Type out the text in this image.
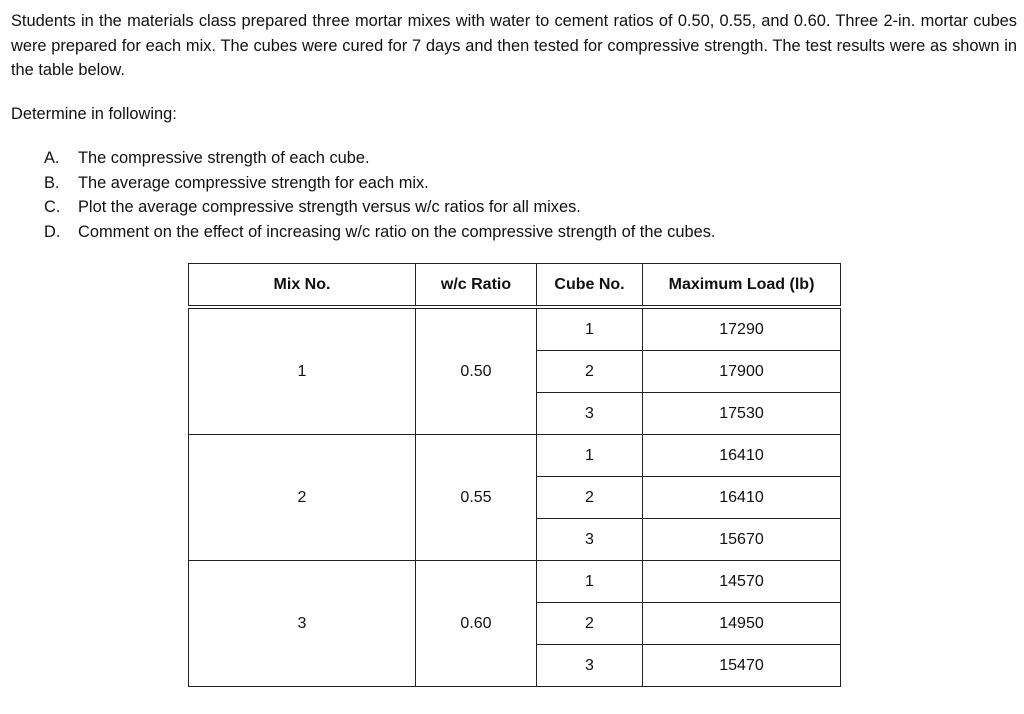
Students in the materials class prepared three mortar mixes with water to cement ratios of 0.50, 0.55, and 0.60. Three 2-in. mortar cubes were prepared for each mix. The cubes were cured for 7 days and then tested for compressive strength. The test results were as shown in the table below.

Determine in following:

A.	The compressive strength of each cube.
B.	The average compressive strength for each mix.
C.	Plot the average compressive strength versus w/c ratios for all mixes.
D.	Comment on the effect of increasing w/c ratio on the compressive strength of the cubes.
Mix No.	w/c Ratio	Cube No.	Maximum Load (lb)
1	0.50	1	17290
		2	17900
		3	17530
2	0.55	1	16410
		2	16410
		3	15670
3	0.60	1	14570
		2	14950
		3	15470
